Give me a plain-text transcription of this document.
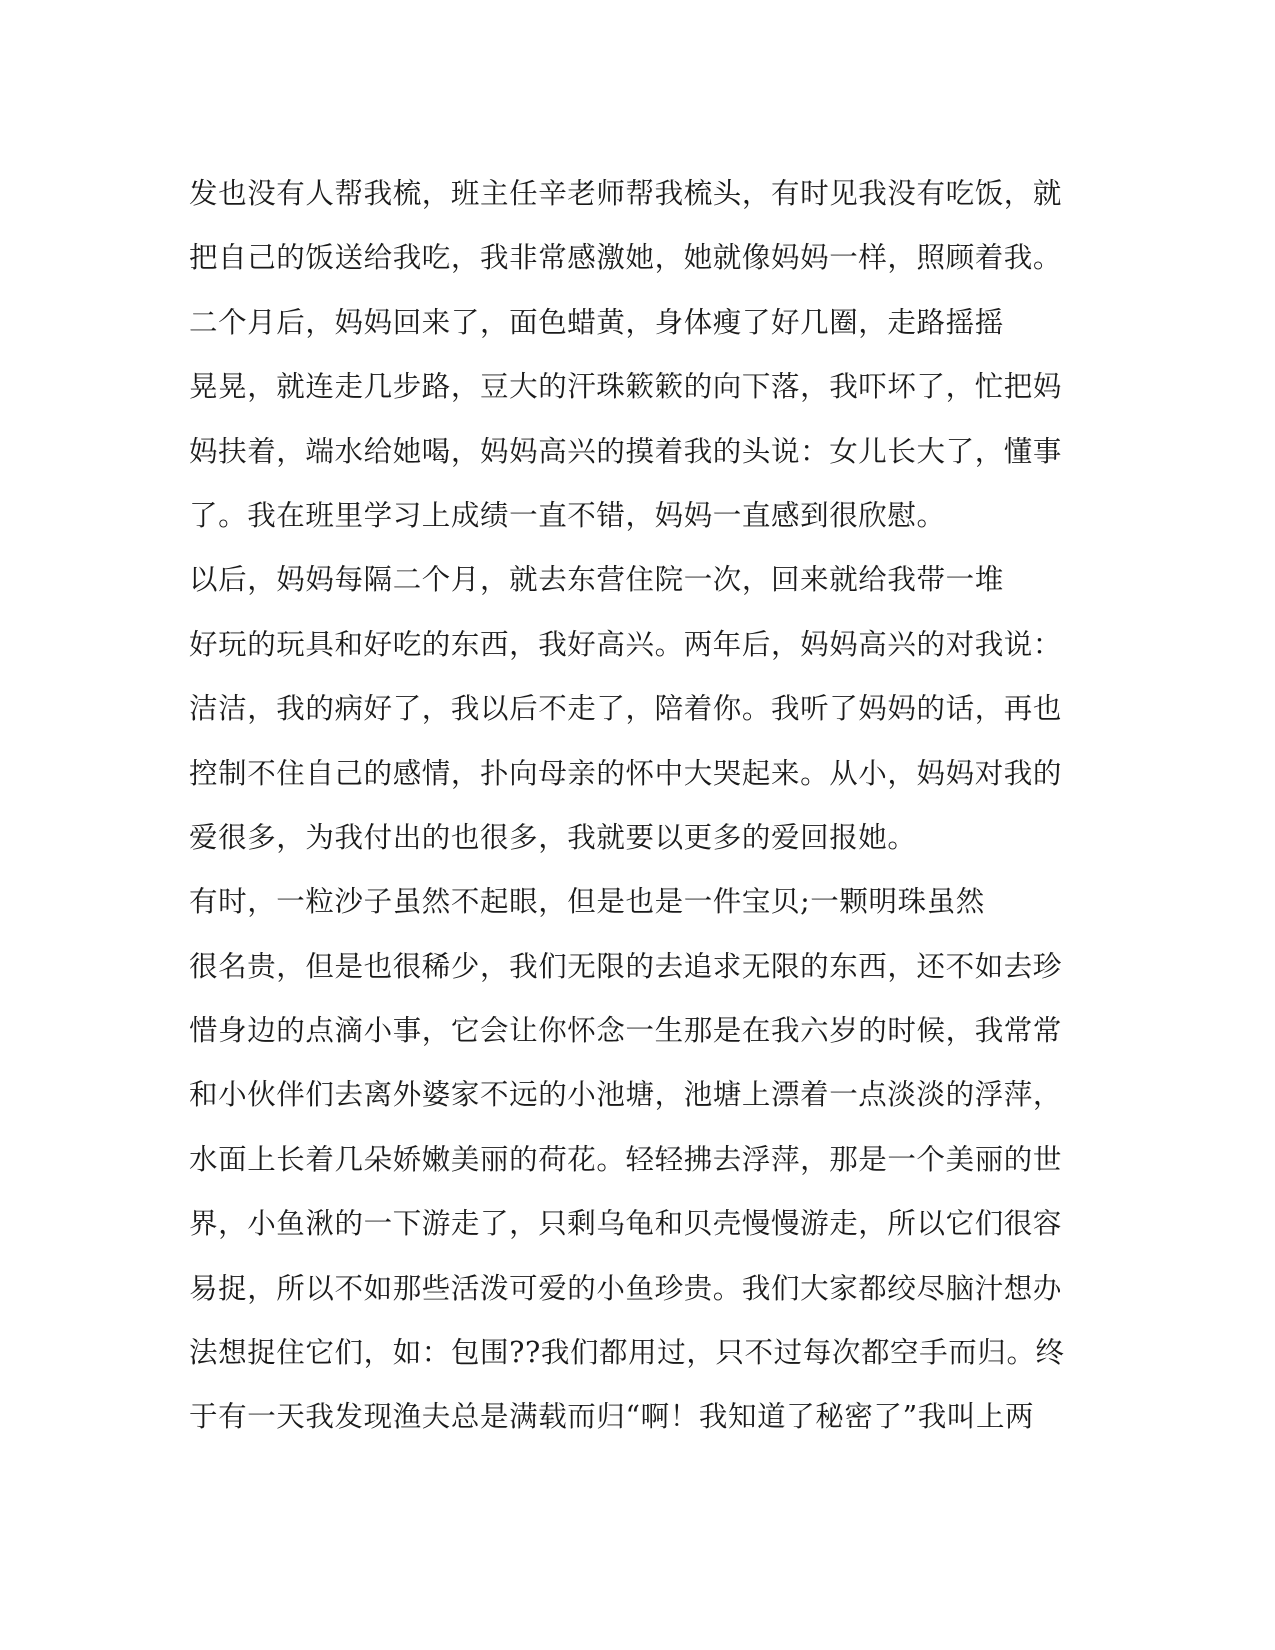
发也没有人帮我梳，班主任辛老师帮我梳头，有时见我没有吃饭，就
把自己的饭送给我吃，我非常感激她，她就像妈妈一样，照顾着我。
二个月后，妈妈回来了，面色蜡黄，身体瘦了好几圈，走路摇摇
晃晃，就连走几步路，豆大的汗珠簌簌的向下落，我吓坏了，忙把妈
妈扶着，端水给她喝，妈妈高兴的摸着我的头说：女儿长大了，懂事
了。我在班里学习上成绩一直不错，妈妈一直感到很欣慰。
以后，妈妈每隔二个月，就去东营住院一次，回来就给我带一堆
好玩的玩具和好吃的东西，我好高兴。两年后，妈妈高兴的对我说：
洁洁，我的病好了，我以后不走了，陪着你。我听了妈妈的话，再也
控制不住自己的感情，扑向母亲的怀中大哭起来。从小，妈妈对我的
爱很多，为我付出的也很多，我就要以更多的爱回报她。
有时，一粒沙子虽然不起眼，但是也是一件宝贝;一颗明珠虽然
很名贵，但是也很稀少，我们无限的去追求无限的东西，还不如去珍
惜身边的点滴小事，它会让你怀念一生那是在我六岁的时候，我常常
和小伙伴们去离外婆家不远的小池塘，池塘上漂着一点淡淡的浮萍，
水面上长着几朵娇嫩美丽的荷花。轻轻拂去浮萍，那是一个美丽的世
界，小鱼湫的一下游走了，只剩乌龟和贝壳慢慢游走，所以它们很容
易捉，所以不如那些活泼可爱的小鱼珍贵。我们大家都绞尽脑汁想办
法想捉住它们，如：包围??我们都用过，只不过每次都空手而归。终
于有一天我发现渔夫总是满载而归“啊！我知道了秘密了”我叫上两
